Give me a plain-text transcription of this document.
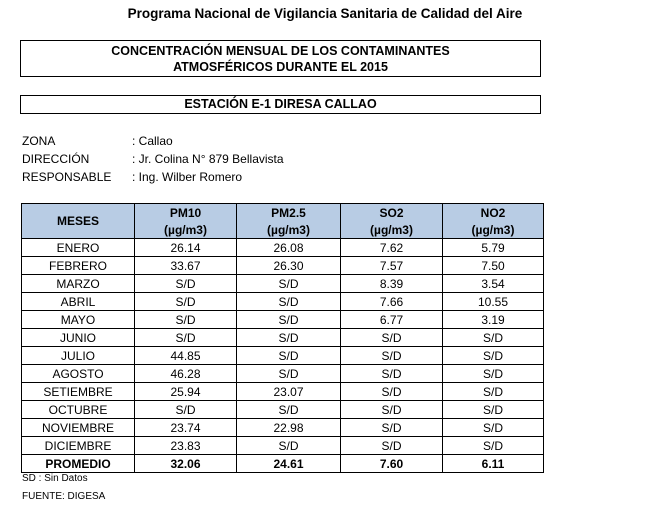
Programa Nacional de Vigilancia Sanitaria de Calidad del Aire
CONCENTRACIÓN MENSUAL DE LOS CONTAMINANTES
ATMOSFÉRICOS DURANTE EL 2015
ESTACIÓN E-1 DIRESA CALLAO
ZONA	: Callao
DIRECCIÓN	: Jr. Colina N° 879 Bellavista
RESPONSABLE	: Ing. Wilber Romero
MESES	PM10	PM2.5	SO2	NO2
	(µg/m3)	(µg/m3)	(µg/m3)	(µg/m3)
ENERO	26.14	26.08	7.62	5.79
FEBRERO	33.67	26.30	7.57	7.50
MARZO	S/D	S/D	8.39	3.54
ABRIL	S/D	S/D	7.66	10.55
MAYO	S/D	S/D	6.77	3.19
JUNIO	S/D	S/D	S/D	S/D
JULIO	44.85	S/D	S/D	S/D
AGOSTO	46.28	S/D	S/D	S/D
SETIEMBRE	25.94	23.07	S/D	S/D
OCTUBRE	S/D	S/D	S/D	S/D
NOVIEMBRE	23.74	22.98	S/D	S/D
DICIEMBRE	23.83	S/D	S/D	S/D
PROMEDIO	32.06	24.61	7.60	6.11
SD : Sin Datos
FUENTE: DIGESA
